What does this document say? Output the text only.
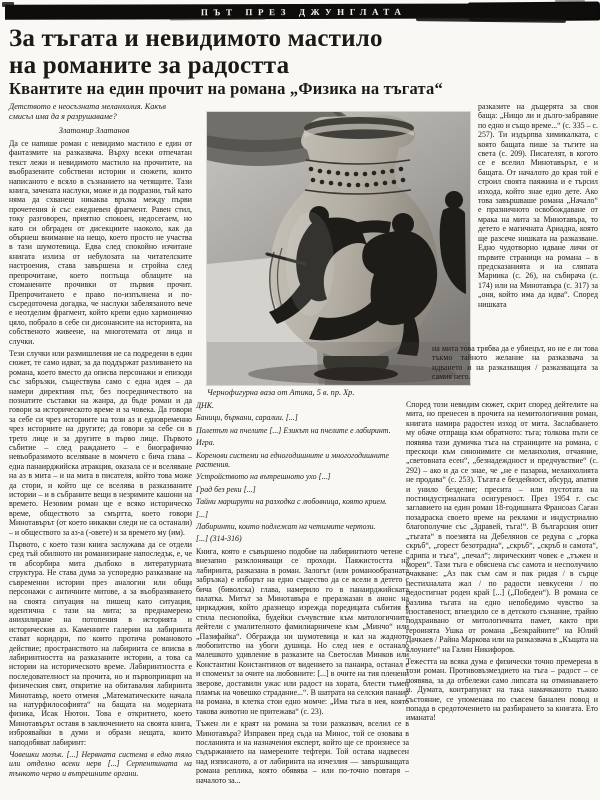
ПЪТ ПРЕЗ ДЖУНГЛАТА
За тъгата и невидимото мастило
на романите за радостта
Квантите на един прочит на романа „Физика на тъгата“
Детството е неосъзната меланхолия. Какъв смисъл има да я разрушаваме?
Златомир Златанов

Да се напише роман с невидимо мастило е един от фантазмите на разказвача. Върху всеки отпечатан текст лежи и невидимото мастило на прочитите, на въобразените собствени истории и сюжети, които написаното е всяло в съзнанието на четящите. Тази книга, зачената наслуки, може и да подразни, тъй като няма да схванеш никаква връзка между първи прочетения ѝ със ежедневен фрагмент. Равен стил, току разговорен, приятно спокоен, недосегаем, но като си обграден от дисекциите наоколо, как да обърнеш внимание на нещо, което просто не участва в тази шумотевица. Едва след спокойно изчитане книгата излиза от небулозата на читателските настроения, става завършена и стройна след препрочитане, което поглъща облаците на стоманените прочивки от първия прочит. Препрочитането е право по-изпълнена и по-съсредоточена догадка, че наслуки забелязаното вече е неотделим фрагмент, който крепи едно хармонично цяло, побрало в себе си дисонансите на историята, на собственото живеене, на многотемата от лица и случки.

Тези случки или размишления не са подредени в един сюжет, те само идват, за да поддържат разливането на романа, което вместо да описва персонажи и епизоди със забръзки, съществува само с една идея – да намери директния път, без посредничеството на познатите съставки на жанра, да бъде роман и да говори за историческото време и за човека. Да говори за себе си чрез историите на този аз и едновременно чрез историите на другите; да говори за себе си в трето лице и за другите в първо лице. Първото събитие – след раждането – е биографично невъобразимото вселяване в момчето с бича глава – една панаирджийска атракция, оказала се и вселяване на аз в мита – и на мита в писателя, който това може да стори, и който ще се вселява в разказваните истории – и в събраните вещи в незримите кашони на времето. Незовим роман ще е всяко историческо време, обществото за смъртта, което говори Минотавърът (от което никакви следи не са останали) – и обществото за аз-а (-овете) и за времето му (им).

Първото, с което тази книга заслужава да се отдели сред тъй обилното ни романизиране напоследък, е, че тя абсорбира мита дълбоко в литературната структура. Не става дума за успоредно разказване на съвременни истории през аналогии или общи персонажи с античните митове, а за въобразяването на своята ситуация на пишещ като ситуация, идентична с тази на мита; за преднамерено анихилиране на потопения в историята и историческия аз. Каменните галерии на лабиринта стават коридори, по които протича романовото действие; пространството на лабиринта се вписва в лабиринтността на разказаните истории, а това са истории на историческото време. Лабиринтността е последователност на прочита, но и първопринцип на физическия свят, откритие на обитавалия лабиринта Минотавър, което отменя „Математическите начала на натурфилософията“ на бащата на модерната физика, Исак Нютон. Това е откритието, което Минотавърът оставя в заключението на своята книга, изброявайки в думи и образи нещата, които наподобяват лабиринт:

Човешки мозък. [...] Нервната система в едно тяло или отделно всеки нерв [...] Серпентината на тънкото черво и вътрешните органи.

Чернофигурна ваза от Атика, 5 в. пр. Хр.

ДНК.

Баници, бъркани, саралии. [...]

Полетът на пчелите [...] Езикът на пчелите е лабиринт.

Игра.

Коренови системи на едногодишните и многогодишните растения.

Устройството на вътрешното ухо [...]

Град без реки [...]

Тайни маршрути на разходка с любовница, която крием.

[...]

Лабиринти, които подлежат на четимите чертози.

[...] (314-316)

Книга, която е съвършено подобие на лабиринтното четене с внезапно разклоняващи се проходи. Паяжистостта на лабиринта, разказана в роман. Залогът (или романообразната забръзка) е изборът на едно същество да се всели в детето с бича (биволска) глава, намерило го в панаирджийската палатка. Митът за Минотавъра е преразказан в анонс на циркаджия, който дразнещо изрежда поредицата събития в стила песнопойка, будейки съчувствие към митологичните дейтели с умалителното фамилиарничене към „Минчо“ или „Пазифайка“. Обгражда ни шумотевица и кал на жадното любопитство на убоги душица. Но след нея е останало малешкото удивление в разказите на Светослав Минков или Константин Константинов от видението за панаира, останал е и споменът за очите на любовните: [...] в очите на тия пленени зверове, доставили ужас или радост на хората, блести тъмен пламък на човешко страдание...“. В шатрата на селския панаир на романа, в клетка стои едно момче: „Има тъга в нея, която такова животно не притежава“ (с. 23).

Тъжен ли е краят на романа за този разказвач, вселил се в Минотавъра? Изправен пред съда на Минос, той се озовава в посланията и на назначения експерт, който ще се произнесе за съдържанието на намерените тефтери. Той остава надвесен над изписаното, а от лабиринта на изчезлия — завършващата романа реплика, която обявява – или по-точно повтаря – началото за...

разказите на дъщерята за своя баща: „Нищо ли и дълго-забравяне по едно и също време...“ (с. 335 – с. 257). Ти издърпва химикалката, с която бащата пише за тъгите на света (с. 209). Писателят, в когото се е вселил Минотавърът, е и бащата. От началото до края той е строил своята паяжина и е търсил изхода, който знае едно дете. Ако това завършваше романа „Начало“ е празничното освобождаване от мрака на мита за Минотавъра, то детето е магичната Ариадна, която ще разсече нишката на разказване. Едно чудотворно идване личи от първите страници на романа – в предсказанията и на сляпата Мариика (с. 26), на събирача (с. 174) или на Минотавъра (с. 317) за „оня, който има да идва“. Според нишката

на мита това трябва да е убиецът, но не е ли това тъкмо тайното желание на разказвача за идването и на разказващия / разказващата за самия него.

Според този невидим сюжет, скрит според дейтелите на мита, но пренесен в прочита на немитологичния роман, книгата намира радостен изход от мита. Заслабването му обаче отпраща към обратното: тъга; толкова пъти се появява тази думичка тъга на страниците на романа, с прескоци към синонимите си меланхолия, отчаяние, „световната есен“, „безнадеждност и предчувствие“ (с. 292) – ако и да се знае, че „не е пазарна, меланхолията не продава“ (с. 253). Тъгата е бездейност, абсурд, апатия и унило безделие; пресита – или пустотата на постиндустриалната осигуреност. През 1954 г. със заглавието на един роман 18-годишната Франсоаз Саган позадраска своето време на реклами и индустриално благополучие със „Здравей, тъга!“. В българския опит „тъгата“ в поезията на Дебелянов се редува с „горка скръб“, „горест безотрадна“, „скръб“, „скръб и самота“, „дрипа и тъга“, „печал“; лирическият човек е „тъжен и морен“. Тази тъга е обяснена със самота и несполучило очакване: „Аз пак съм сам и пак ридая / в сърце нестихналата жал / по радости невкусени / по недостигнат роден край [...] („Победен“). В романа се разлива тъгата на едно непобедимо чувство за изоставеност, вгнездило се в детското съзнание, трайно подхранвано от митологичната памет, както при героинята Ушка от романа „Безкрайните“ на Юлий Дачкаев / Райна Маркова или на разказвача в „Къщата на клоуните“ на Галин Никифоров.

Тежестта на всяка дума е физически точно премерена в този роман. Противовъзмездието на тъга – радост – се появява, за да отбележи само липсата на отминаването ѝ. Думата, контрапункт на така намачканото тъжно състояние, се упоменава по съвсем банален повод и попада в средоточението на разбирането за книгата. Ето иманата!
